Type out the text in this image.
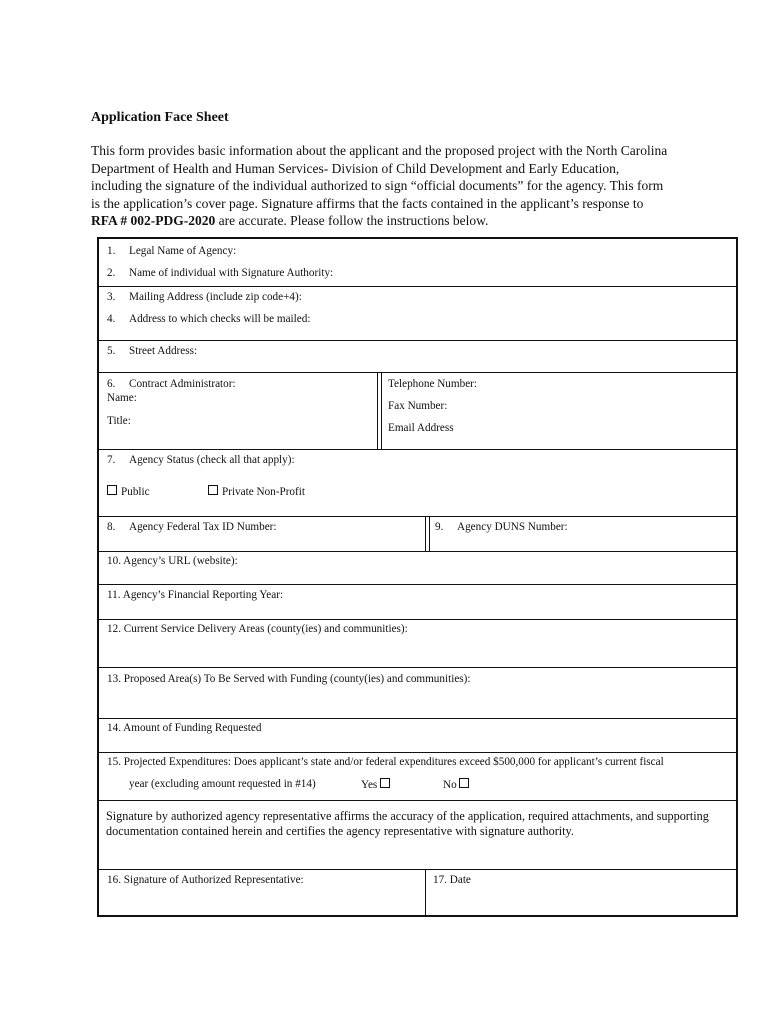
Application Face Sheet
This form provides basic information about the applicant and the proposed project with the North Carolina Department of Health and Human Services- Division of Child Development and Early Education, including the signature of the individual authorized to sign “official documents” for the agency. This form is the application’s cover page. Signature affirms that the facts contained in the applicant’s response to RFA # 002-PDG-2020 are accurate. Please follow the instructions below.
1. Legal Name of Agency:
2. Name of individual with Signature Authority:
3. Mailing Address (include zip code+4):
4. Address to which checks will be mailed:
5. Street Address:
6. Contract Administrator:
Name:
Title:
Telephone Number:
Fax Number:
Email Address
7. Agency Status (check all that apply):
Public	Private Non-Profit
8. Agency Federal Tax ID Number:	9. Agency DUNS Number:
10. Agency’s URL (website):
11. Agency’s Financial Reporting Year:
12. Current Service Delivery Areas (county(ies) and communities):
13. Proposed Area(s) To Be Served with Funding (county(ies) and communities):
14. Amount of Funding Requested
15. Projected Expenditures: Does applicant’s state and/or federal expenditures exceed $500,000 for applicant’s current fiscal
year (excluding amount requested in #14)	Yes	No
Signature by authorized agency representative affirms the accuracy of the application, required attachments, and supporting documentation contained herein and certifies the agency representative with signature authority.
16. Signature of Authorized Representative:	17. Date
